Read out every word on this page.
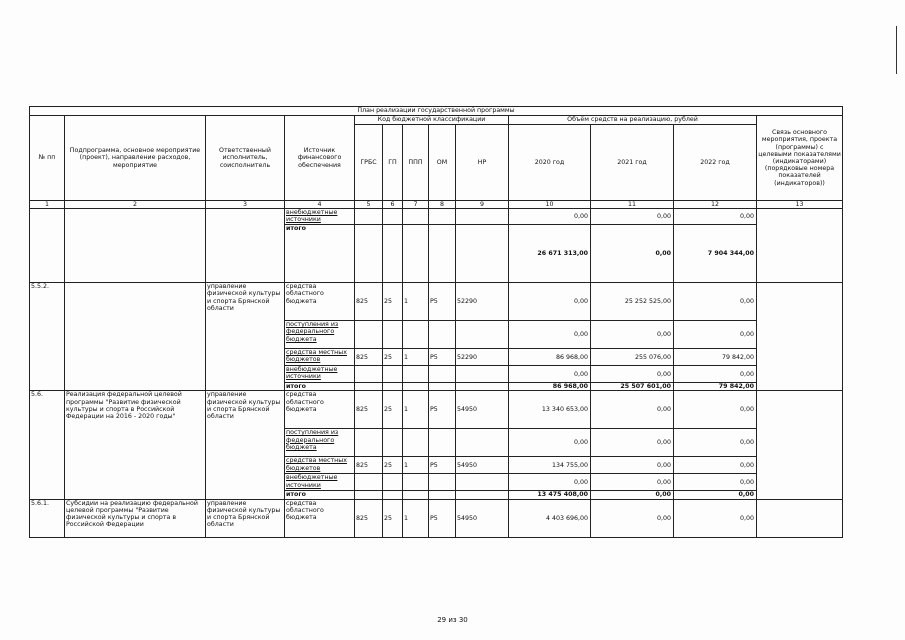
План реализации государственной программы												
№ пп	Подпрограмма, основное мероприятие (проект), направление расходов, мероприятие	Ответственный исполнитель, соисполнитель	Источник финансового обеспечения	Код бюджетной классификации					Объём средств на реализацию, рублей			Связь основного мероприятия, проекта (программы) с целевыми показателями (индикаторами) (порядковые номера показателей (индикаторов))
				ГРБС	ГП	ППП	ОМ	НР	2020 год	2021 год	2022 год	
1	2	3	4	5	6	7	8	9	10	11	12	13
			внебюджетные источники						0,00	0,00	0,00	
			итого						26 671 313,00	0,00	7 904 344,00	
5.5.2.		управление физической культуры и спорта Брянской области	средства областного бюджета	825	25	1	P5	52290	0,00	25 252 525,00	0,00	
			поступления из федерального бюджета						0,00	0,00	0,00	
			средства местных бюджетов	825	25	1	P5	52290	86 968,00	255 076,00	79 842,00	
			внебюджетные источники						0,00	0,00	0,00	
			итого						86 968,00	25 507 601,00	79 842,00	
5.6.	Реализация федеральной целевой программы "Развитие физической культуры и спорта в Российской Федерации на 2016 - 2020 годы"	управление физической культуры и спорта Брянской области	средства областного бюджета	825	25	1	P5	54950	13 340 653,00	0,00	0,00	
			поступления из федерального бюджета						0,00	0,00	0,00	
			средства местных бюджетов	825	25	1	P5	54950	134 755,00	0,00	0,00	
			внебюджетные источники						0,00	0,00	0,00	
			итого						13 475 408,00	0,00	0,00	
5.6.1.	Субсидии на реализацию федеральной целевой программы "Развитие физической культуры и спорта в Российской Федерации	управление физической культуры и спорта Брянской области	средства областного бюджета	825	25	1	P5	54950	4 403 696,00	0,00	0,00	
29 из 30
